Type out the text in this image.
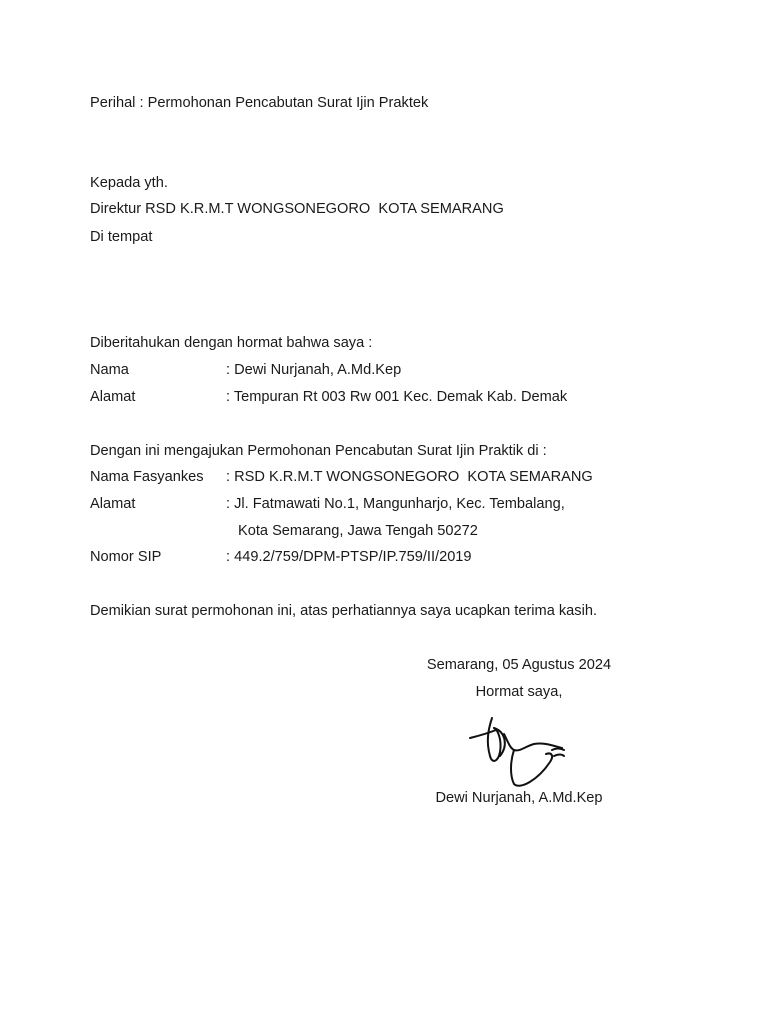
Perihal : Permohonan Pencabutan Surat Ijin Praktek
Kepada yth.
Direktur RSD K.R.M.T WONGSONEGORO  KOTA SEMARANG
Di tempat
Diberitahukan dengan hormat bahwa saya :
Nama	: Dewi Nurjanah, A.Md.Kep
Alamat	: Tempuran Rt 003 Rw 001 Kec. Demak Kab. Demak
Dengan ini mengajukan Permohonan Pencabutan Surat Ijin Praktik di :
Nama Fasyankes : RSD K.R.M.T WONGSONEGORO  KOTA SEMARANG
Alamat	: Jl. Fatmawati No.1, Mangunharjo, Kec. Tembalang,
Kota Semarang, Jawa Tengah 50272
Nomor SIP	: 449.2/759/DPM-PTSP/IP.759/II/2019
Demikian surat permohonan ini, atas perhatiannya saya ucapkan terima kasih.
Semarang, 05 Agustus 2024
Hormat saya,
Dewi Nurjanah, A.Md.Kep
